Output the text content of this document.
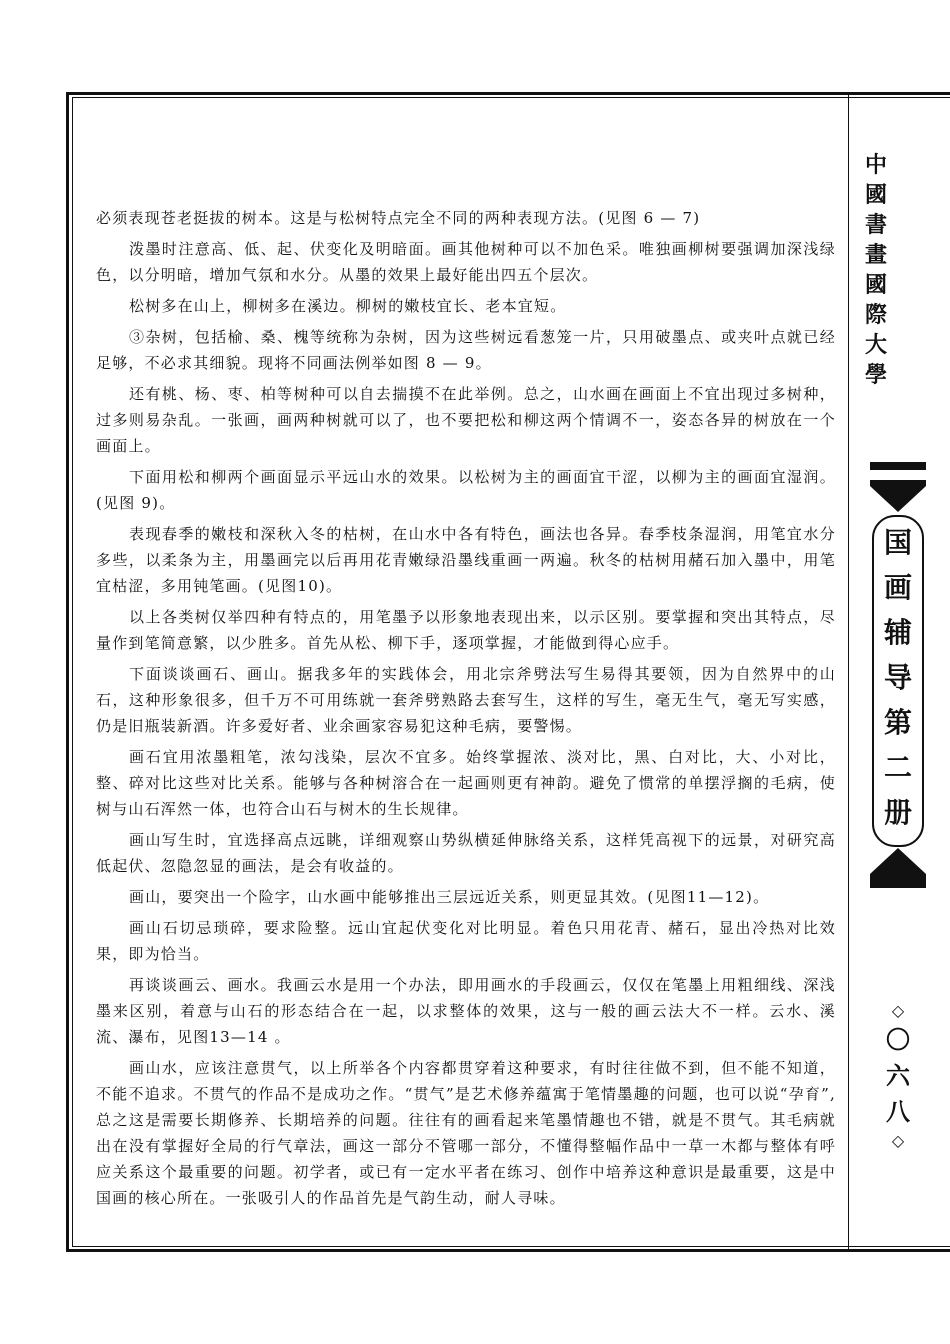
必须表现苍老挺拔的树本。这是与松树特点完全不同的两种表现方法。(见图 6 — 7)

泼墨时注意高、低、起、伏变化及明暗面。画其他树种可以不加色采。唯独画柳树要强调加深浅绿色，以分明暗，增加气氛和水分。从墨的效果上最好能出四五个层次。

松树多在山上，柳树多在溪边。柳树的嫩枝宜长、老本宜短。

③杂树，包括榆、桑、槐等统称为杂树，因为这些树远看葱笼一片，只用破墨点、或夹叶点就已经足够，不必求其细貌。现将不同画法例举如图 8 — 9。

还有桃、杨、枣、柏等树种可以自去揣摸不在此举例。总之，山水画在画面上不宜出现过多树种，过多则易杂乱。一张画，画两种树就可以了，也不要把松和柳这两个情调不一，姿态各异的树放在一个画面上。

下面用松和柳两个画面显示平远山水的效果。以松树为主的画面宜干涩，以柳为主的画面宜湿润。(见图 9)。

表现春季的嫩枝和深秋入冬的枯树，在山水中各有特色，画法也各异。春季枝条湿润，用笔宜水分多些，以柔条为主，用墨画完以后再用花青嫩绿沿墨线重画一两遍。秋冬的枯树用赭石加入墨中，用笔宜枯涩，多用钝笔画。(见图10)。

以上各类树仅举四种有特点的，用笔墨予以形象地表现出来，以示区别。要掌握和突出其特点，尽量作到笔简意繁，以少胜多。首先从松、柳下手，逐项掌握，才能做到得心应手。

下面谈谈画石、画山。据我多年的实践体会，用北宗斧劈法写生易得其要领，因为自然界中的山石，这种形象很多，但千万不可用练就一套斧劈熟路去套写生，这样的写生，毫无生气，毫无写实感，仍是旧瓶装新酒。许多爱好者、业余画家容易犯这种毛病，要警惕。

画石宜用浓墨粗笔，浓勾浅染，层次不宜多。始终掌握浓、淡对比，黑、白对比，大、小对比，整、碎对比这些对比关系。能够与各种树溶合在一起画则更有神韵。避免了惯常的单摆浮搁的毛病，使树与山石浑然一体，也符合山石与树木的生长规律。

画山写生时，宜选择高点远眺，详细观察山势纵横延伸脉络关系，这样凭高视下的远景，对研究高低起伏、忽隐忽显的画法，是会有收益的。

画山，要突出一个险字，山水画中能够推出三层远近关系，则更显其效。(见图11—12)。

画山石切忌琐碎，要求险整。远山宜起伏变化对比明显。着色只用花青、赭石，显出冷热对比效果，即为恰当。

再谈谈画云、画水。我画云水是用一个办法，即用画水的手段画云，仅仅在笔墨上用粗细线、深浅墨来区别，着意与山石的形态结合在一起，以求整体的效果，这与一般的画云法大不一样。云水、溪流、瀑布，见图13—14 。

画山水，应该注意贯气，以上所举各个内容都贯穿着这种要求，有时往往做不到，但不能不知道，不能不追求。不贯气的作品不是成功之作。“贯气”是艺术修养蕴寓于笔情墨趣的问题，也可以说“孕育”,总之这是需要长期修养、长期培养的问题。往往有的画看起来笔墨情趣也不错，就是不贯气。其毛病就出在没有掌握好全局的行气章法，画这一部分不管哪一部分，不懂得整幅作品中一草一木都与整体有呼应关系这个最重要的问题。初学者，或已有一定水平者在练习、创作中培养这种意识是最重要，这是中国画的核心所在。一张吸引人的作品首先是气韵生动，耐人寻味。

中
國
書
畫
國
際
大
學
国
画
辅
导
第
二
册
◇
〇
六
八
◇
